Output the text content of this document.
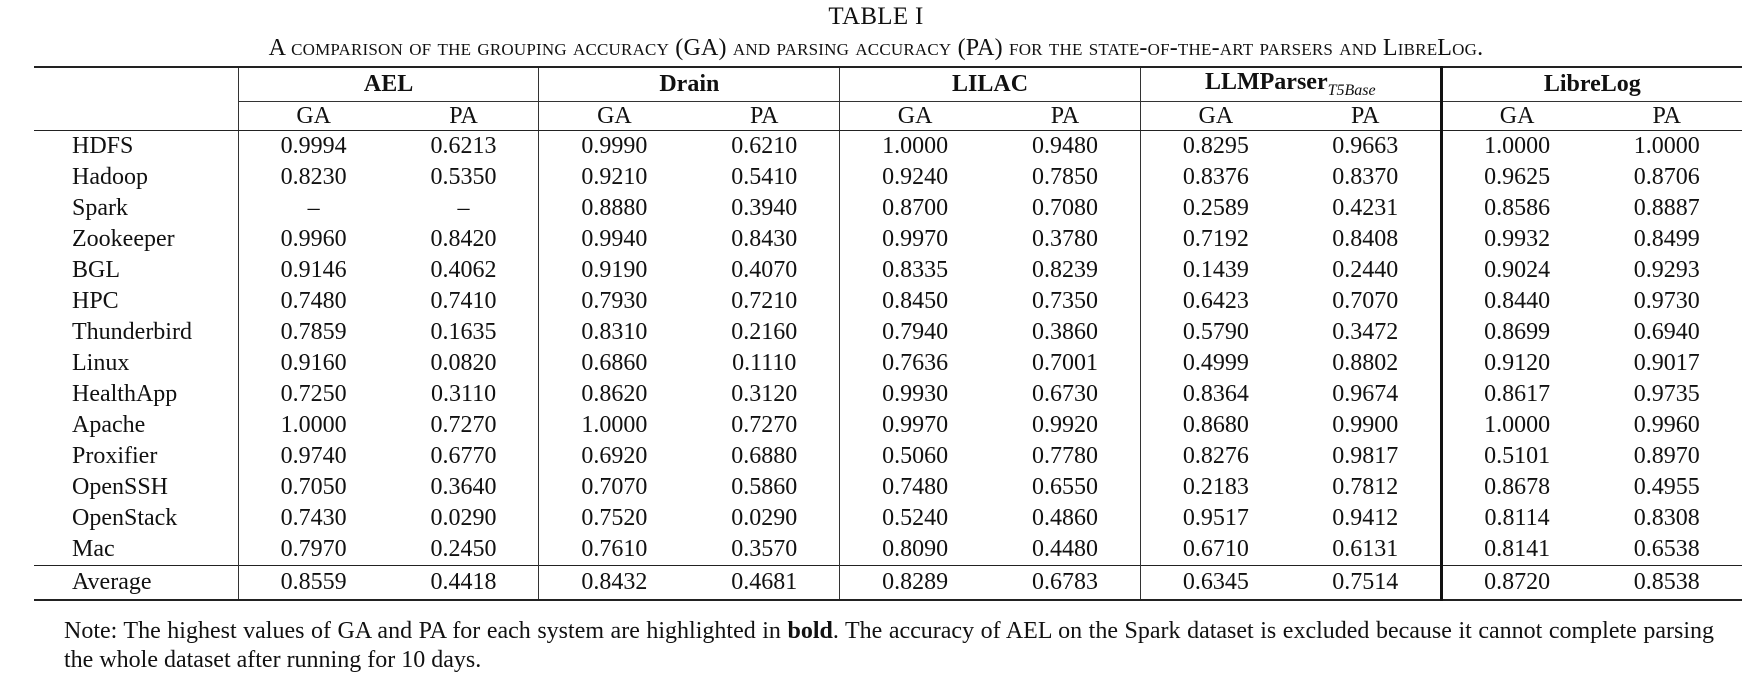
TABLE I
A comparison of the grouping accuracy (GA) and parsing accuracy (PA) for the state-of-the-art parsers and LibreLog.
	AEL		Drain		LILAC		LLMParser$_{T5Base}$		LibreLog	
	GA	PA	GA	PA	GA	PA	GA	PA	GA	PA
HDFS	0.9994	0.6213	0.9990	0.6210	1.0000	0.9480	0.8295	0.9663	1.0000	1.0000
Hadoop	0.8230	0.5350	0.9210	0.5410	0.9240	0.7850	0.8376	0.8370	0.9625	0.8706
Spark	–	–	0.8880	0.3940	0.8700	0.7080	0.2589	0.4231	0.8586	0.8887
Zookeeper	0.9960	0.8420	0.9940	0.8430	0.9970	0.3780	0.7192	0.8408	0.9932	0.8499
BGL	0.9146	0.4062	0.9190	0.4070	0.8335	0.8239	0.1439	0.2440	0.9024	0.9293
HPC	0.7480	0.7410	0.7930	0.7210	0.8450	0.7350	0.6423	0.7070	0.8440	0.9730
Thunderbird	0.7859	0.1635	0.8310	0.2160	0.7940	0.3860	0.5790	0.3472	0.8699	0.6940
Linux	0.9160	0.0820	0.6860	0.1110	0.7636	0.7001	0.4999	0.8802	0.9120	0.9017
HealthApp	0.7250	0.3110	0.8620	0.3120	0.9930	0.6730	0.8364	0.9674	0.8617	0.9735
Apache	1.0000	0.7270	1.0000	0.7270	0.9970	0.9920	0.8680	0.9900	1.0000	0.9960
Proxifier	0.9740	0.6770	0.6920	0.6880	0.5060	0.7780	0.8276	0.9817	0.5101	0.8970
OpenSSH	0.7050	0.3640	0.7070	0.5860	0.7480	0.6550	0.2183	0.7812	0.8678	0.4955
OpenStack	0.7430	0.0290	0.7520	0.0290	0.5240	0.4860	0.9517	0.9412	0.8114	0.8308
Mac	0.7970	0.2450	0.7610	0.3570	0.8090	0.4480	0.6710	0.6131	0.8141	0.6538
Average	0.8559	0.4418	0.8432	0.4681	0.8289	0.6783	0.6345	0.7514	0.8720	0.8538
Note: The highest values of GA and PA for each system are highlighted in bold. The accuracy of AEL on the Spark dataset is excluded because it cannot complete parsing the whole dataset after running for 10 days.
